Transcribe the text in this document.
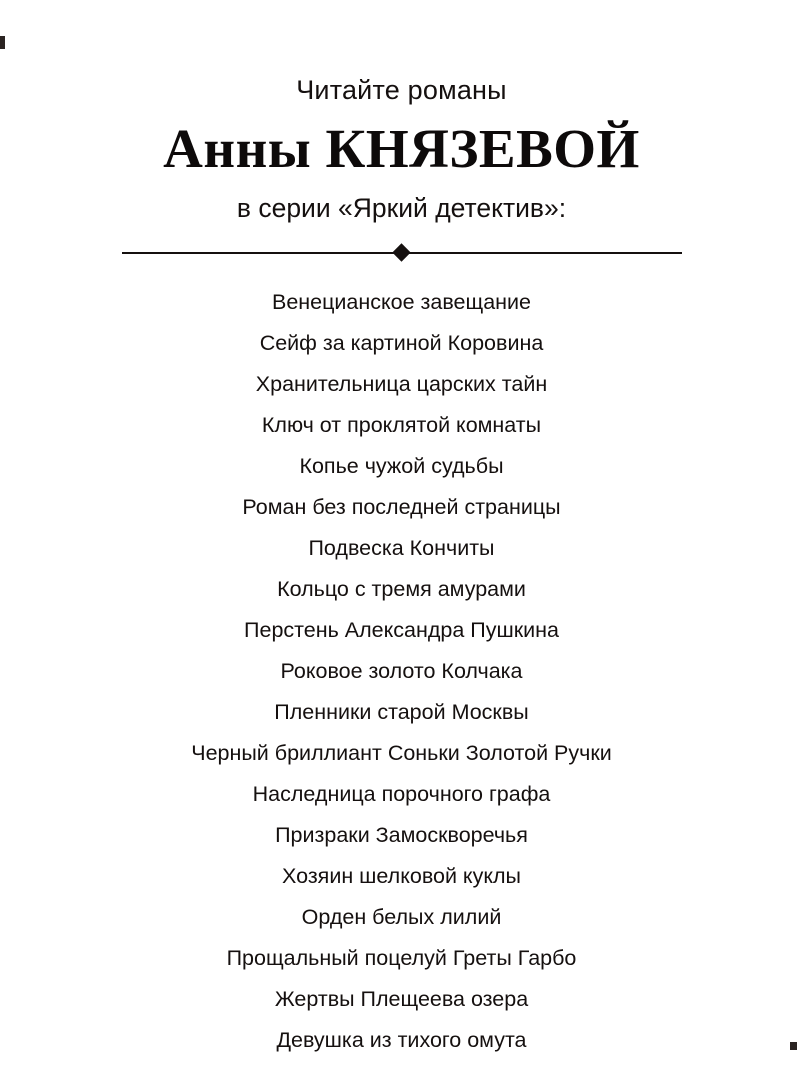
Читайте романы

Анны КНЯЗЕВОЙ

в серии «Яркий детектив»:

Венецианское завещание
Сейф за картиной Коровина
Хранительница царских тайн
Ключ от проклятой комнаты
Копье чужой судьбы
Роман без последней страницы
Подвеска Кончиты
Кольцо с тремя амурами
Перстень Александра Пушкина
Роковое золото Колчака
Пленники старой Москвы
Черный бриллиант Соньки Золотой Ручки
Наследница порочного графа
Призраки Замоскворечья
Хозяин шелковой куклы
Орден белых лилий
Прощальный поцелуй Греты Гарбо
Жертвы Плещеева озера
Девушка из тихого омута
